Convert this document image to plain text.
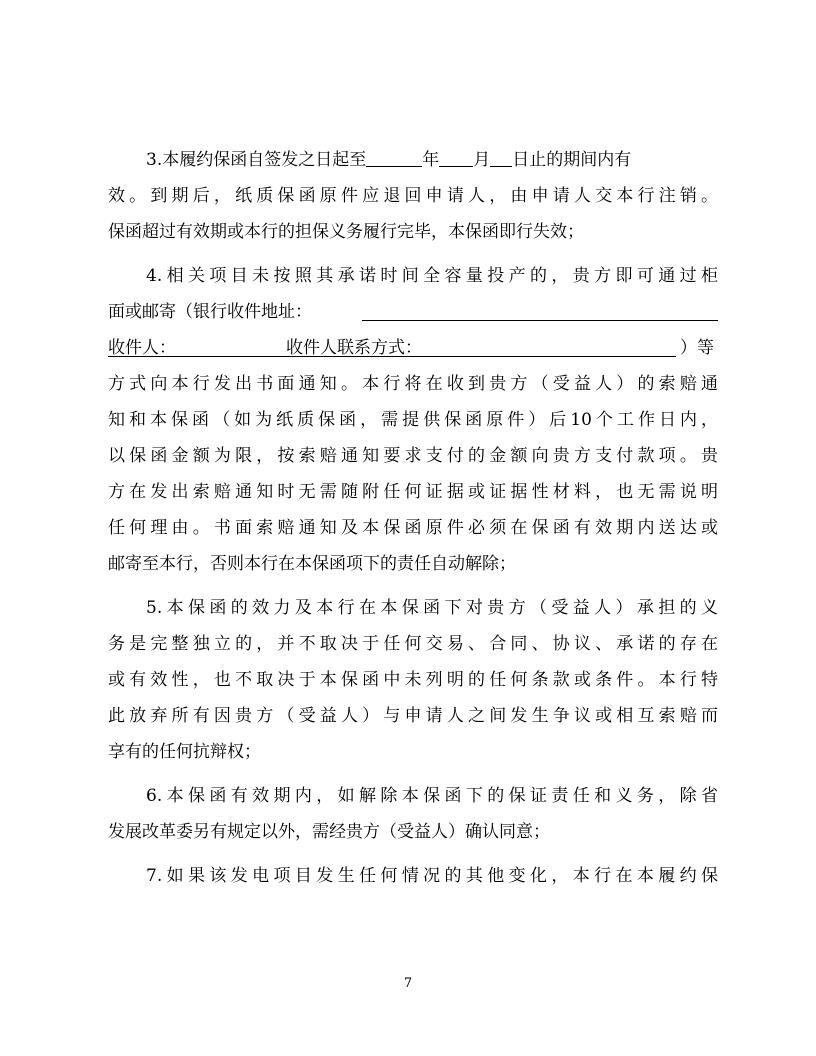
3.本履约保函自签发之日起至	年 月 日止的期间内有
效。到期后，纸质保函原件应退回申请人，由申请人交本行注销。
保函超过有效期或本行的担保义务履行完毕，本保函即行失效；
4.相关项目未按照其承诺时间全容量投产的，贵方即可通过柜
面或邮寄（银行收件地址：
收件人：	收件人联系方式：	）等
方式向本行发出书面通知。本行将在收到贵方（受益人）的索赔通
知和本保函（如为纸质保函，需提供保函原件）后10个工作日内，
以保函金额为限，按索赔通知要求支付的金额向贵方支付款项。贵
方在发出索赔通知时无需随附任何证据或证据性材料，也无需说明
任何理由。书面索赔通知及本保函原件必须在保函有效期内送达或
邮寄至本行，否则本行在本保函项下的责任自动解除；
5.本保函的效力及本行在本保函下对贵方（受益人）承担的义
务是完整独立的，并不取决于任何交易、合同、协议、承诺的存在
或有效性，也不取决于本保函中未列明的任何条款或条件。本行特
此放弃所有因贵方（受益人）与申请人之间发生争议或相互索赔而
享有的任何抗辩权；
6.本保函有效期内，如解除本保函下的保证责任和义务，除省
发展改革委另有规定以外，需经贵方（受益人）确认同意；
7.如果该发电项目发生任何情况的其他变化，本行在本履约保
7
